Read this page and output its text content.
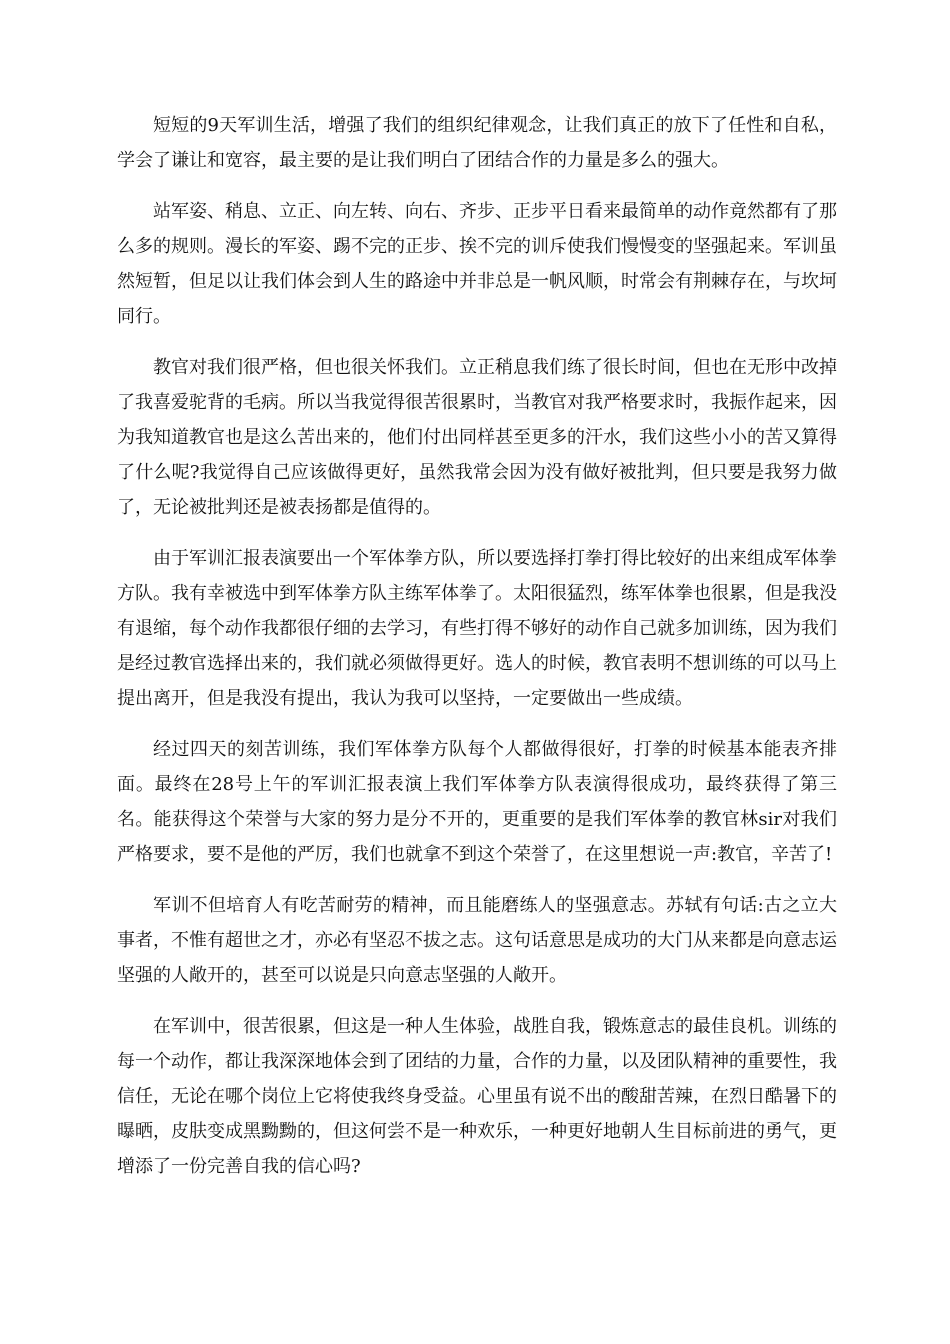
短短的9天军训生活，增强了我们的组织纪律观念，让我们真正的放下了任性和自私，学会了谦让和宽容，最主要的是让我们明白了团结合作的力量是多么的强大。

站军姿、稍息、立正、向左转、向右、齐步、正步平日看来最简单的动作竟然都有了那么多的规则。漫长的军姿、踢不完的正步、挨不完的训斥使我们慢慢变的坚强起来。军训虽然短暂，但足以让我们体会到人生的路途中并非总是一帆风顺，时常会有荆棘存在，与坎坷同行。

教官对我们很严格，但也很关怀我们。立正稍息我们练了很长时间，但也在无形中改掉了我喜爱驼背的毛病。所以当我觉得很苦很累时，当教官对我严格要求时，我振作起来，因为我知道教官也是这么苦出来的，他们付出同样甚至更多的汗水，我们这些小小的苦又算得了什么呢?我觉得自己应该做得更好，虽然我常会因为没有做好被批判，但只要是我努力做了，无论被批判还是被表扬都是值得的。

由于军训汇报表演要出一个军体拳方队，所以要选择打拳打得比较好的出来组成军体拳方队。我有幸被选中到军体拳方队主练军体拳了。太阳很猛烈，练军体拳也很累，但是我没有退缩，每个动作我都很仔细的去学习，有些打得不够好的动作自己就多加训练，因为我们是经过教官选择出来的，我们就必须做得更好。选人的时候，教官表明不想训练的可以马上提出离开，但是我没有提出，我认为我可以坚持，一定要做出一些成绩。

经过四天的刻苦训练，我们军体拳方队每个人都做得很好，打拳的时候基本能表齐排面。最终在28号上午的军训汇报表演上我们军体拳方队表演得很成功，最终获得了第三名。能获得这个荣誉与大家的努力是分不开的，更重要的是我们军体拳的教官林sir对我们严格要求，要不是他的严厉，我们也就拿不到这个荣誉了，在这里想说一声:教官，辛苦了!

军训不但培育人有吃苦耐劳的精神，而且能磨练人的坚强意志。苏轼有句话:古之立大事者，不惟有超世之才，亦必有坚忍不拔之志。这句话意思是成功的大门从来都是向意志运坚强的人敞开的，甚至可以说是只向意志坚强的人敞开。

在军训中，很苦很累，但这是一种人生体验，战胜自我，锻炼意志的最佳良机。训练的每一个动作，都让我深深地体会到了团结的力量，合作的力量，以及团队精神的重要性，我信任，无论在哪个岗位上它将使我终身受益。心里虽有说不出的酸甜苦辣，在烈日酷暑下的曝晒，皮肤变成黑黝黝的，但这何尝不是一种欢乐，一种更好地朝人生目标前进的勇气，更增添了一份完善自我的信心吗?
